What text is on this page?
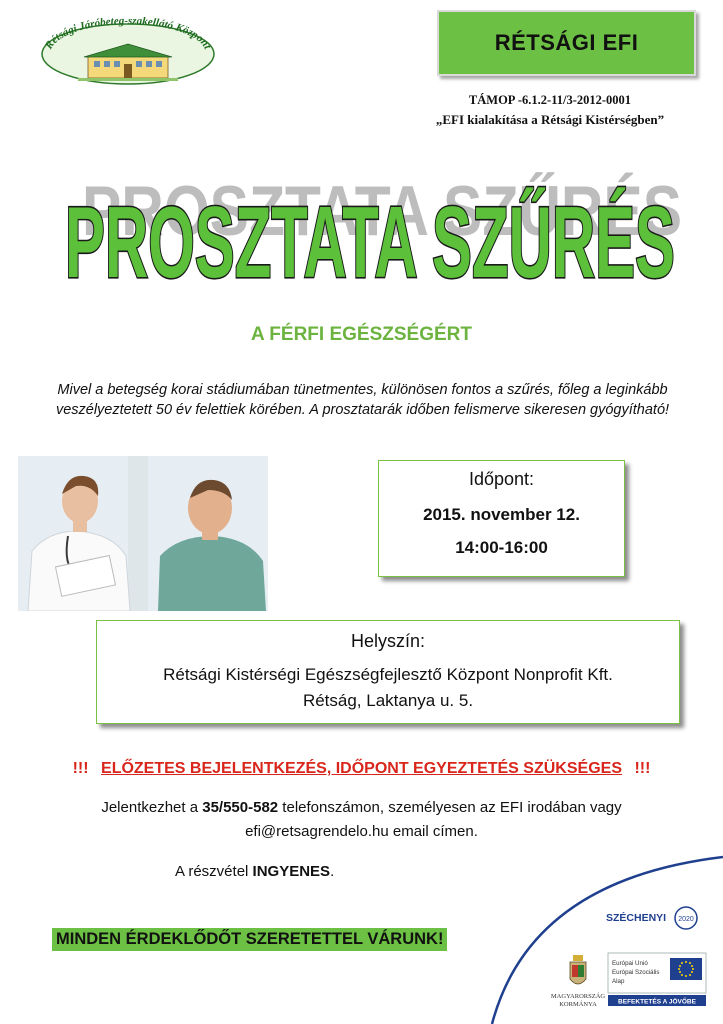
Rétsági Járóbeteg-szakellátó Központ	RÉTSÁGI EFI
TÁMOP -6.1.2-11/3-2012-0001
„EFI kialakítása a Rétsági Kistérségben”
PROSZTATA SZŰRÉS
PROSZTATA SZŰRÉS
A FÉRFI EGÉSZSÉGÉRT
Mivel a betegség korai stádiumában tünetmentes, különösen fontos a szűrés, főleg a leginkább veszélyeztetett 50 év felettiek körében. A prosztatarák időben felismerve sikeresen gyógyítható!
Időpont:
2015. november 12.
14:00-16:00
Helyszín:
Rétsági Kistérségi Egészségfejlesztő Központ Nonprofit Kft.
Rétság, Laktanya u. 5.
!!! ELŐZETES BEJELENTKEZÉS, IDŐPONT EGYEZTETÉS SZÜKSÉGES !!!
Jelentkezhet a 35/550-582 telefonszámon, személyesen az EFI irodában vagy
efi@retsagrendelo.hu email címen.
A részvétel INGYENES.
MINDEN ÉRDEKLŐDŐT SZERETETTEL VÁRUNK!
SZÉCHENYI 2020
MAGYARORSZÁG
KORMÁNYA
Európai Unió
Európai Szociális
Alap
BEFEKTETÉS A JÖVŐBE
